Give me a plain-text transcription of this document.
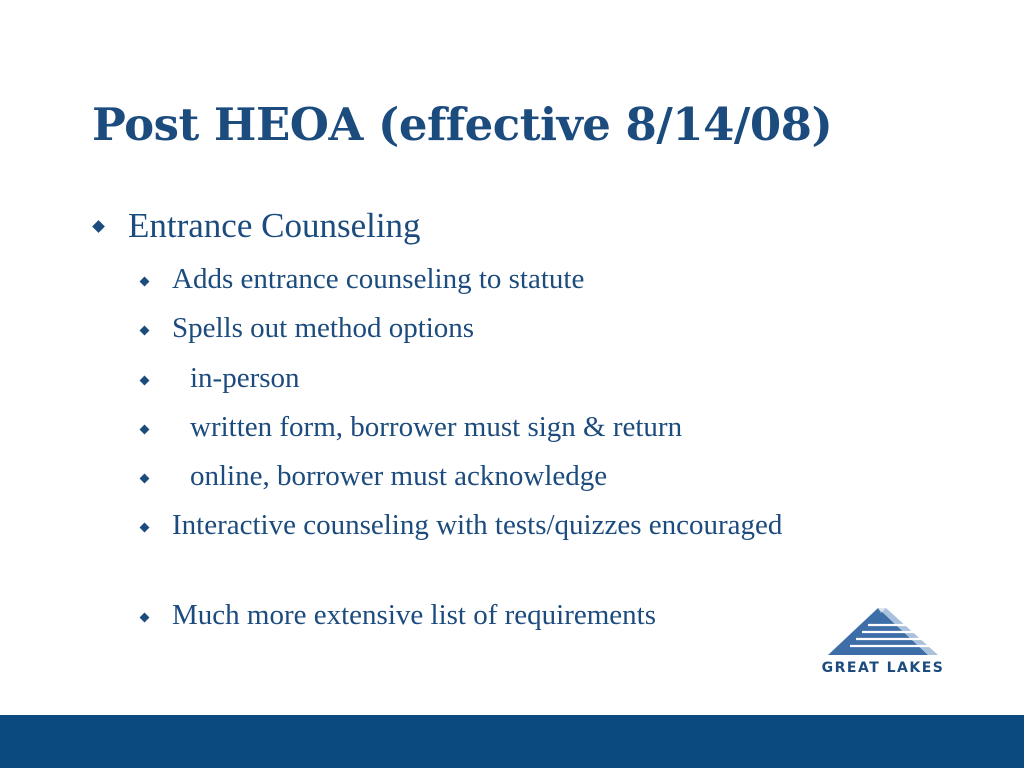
Post HEOA (effective 8/14/08)
Entrance Counseling
Adds entrance counseling to statute
Spells out method options
in-person
written form, borrower must sign & return
online, borrower must acknowledge
Interactive counseling with tests/quizzes encouraged
Much more extensive list of requirements
GREAT LAKES
